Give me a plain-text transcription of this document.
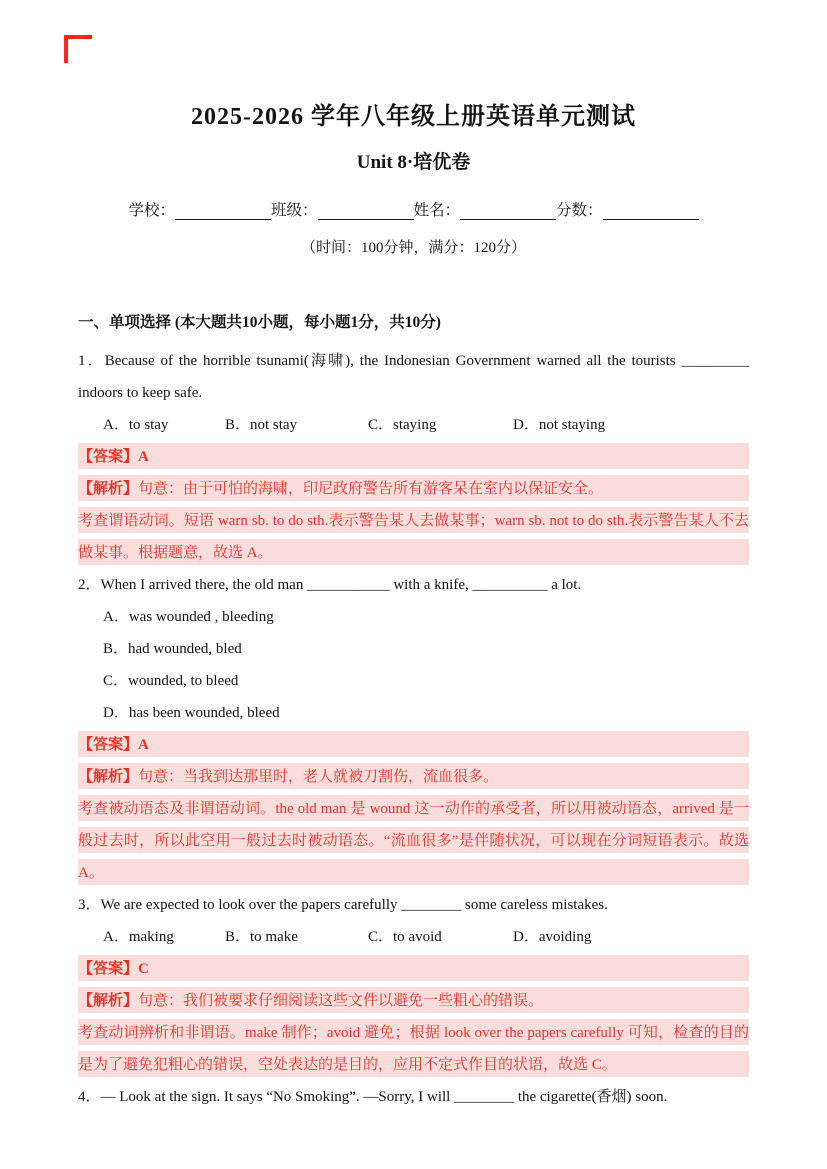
2025-2026 学年八年级上册英语单元测试
Unit 8·培优卷
学校：	班级：	姓名：	分数：
（时间：100分钟，满分：120分）
一、单项选择 (本大题共10小题，每小题1分，共10分)

1．Because of the horrible tsunami(海啸), the Indonesian Government warned all the tourists _________ indoors to keep safe.

A．to stay	B．not stay	C．staying	D．not staying

【答案】A

【解析】句意：由于可怕的海啸，印尼政府警告所有游客呆在室内以保证安全。

考查谓语动词。短语 warn sb. to do sth.表示警告某人去做某事；warn sb. not to do sth.表示警告某人不去做某事。根据题意，故选 A。

2．When I arrived there, the old man ___________ with a knife, __________ a lot.

A．was wounded , bleeding

B．had wounded, bled

C．wounded, to bleed

D．has been wounded, bleed

【答案】A

【解析】句意：当我到达那里时，老人就被刀割伤，流血很多。

考查被动语态及非谓语动词。the old man 是 wound 这一动作的承受者，所以用被动语态，arrived 是一般过去时，所以此空用一般过去时被动语态。“流血很多”是伴随状况，可以现在分词短语表示。故选 A。

3．We are expected to look over the papers carefully ________ some careless mistakes.

A．making	B．to make	C．to avoid	D．avoiding

【答案】C

【解析】句意：我们被要求仔细阅读这些文件以避免一些粗心的错误。

考查动词辨析和非谓语。make 制作；avoid 避免；根据 look over the papers carefully 可知，检查的目的是为了避免犯粗心的错误，空处表达的是目的，应用不定式作目的状语，故选 C。

4．— Look at the sign. It says “No Smoking”. —Sorry, I will ________ the cigarette(香烟) soon.
